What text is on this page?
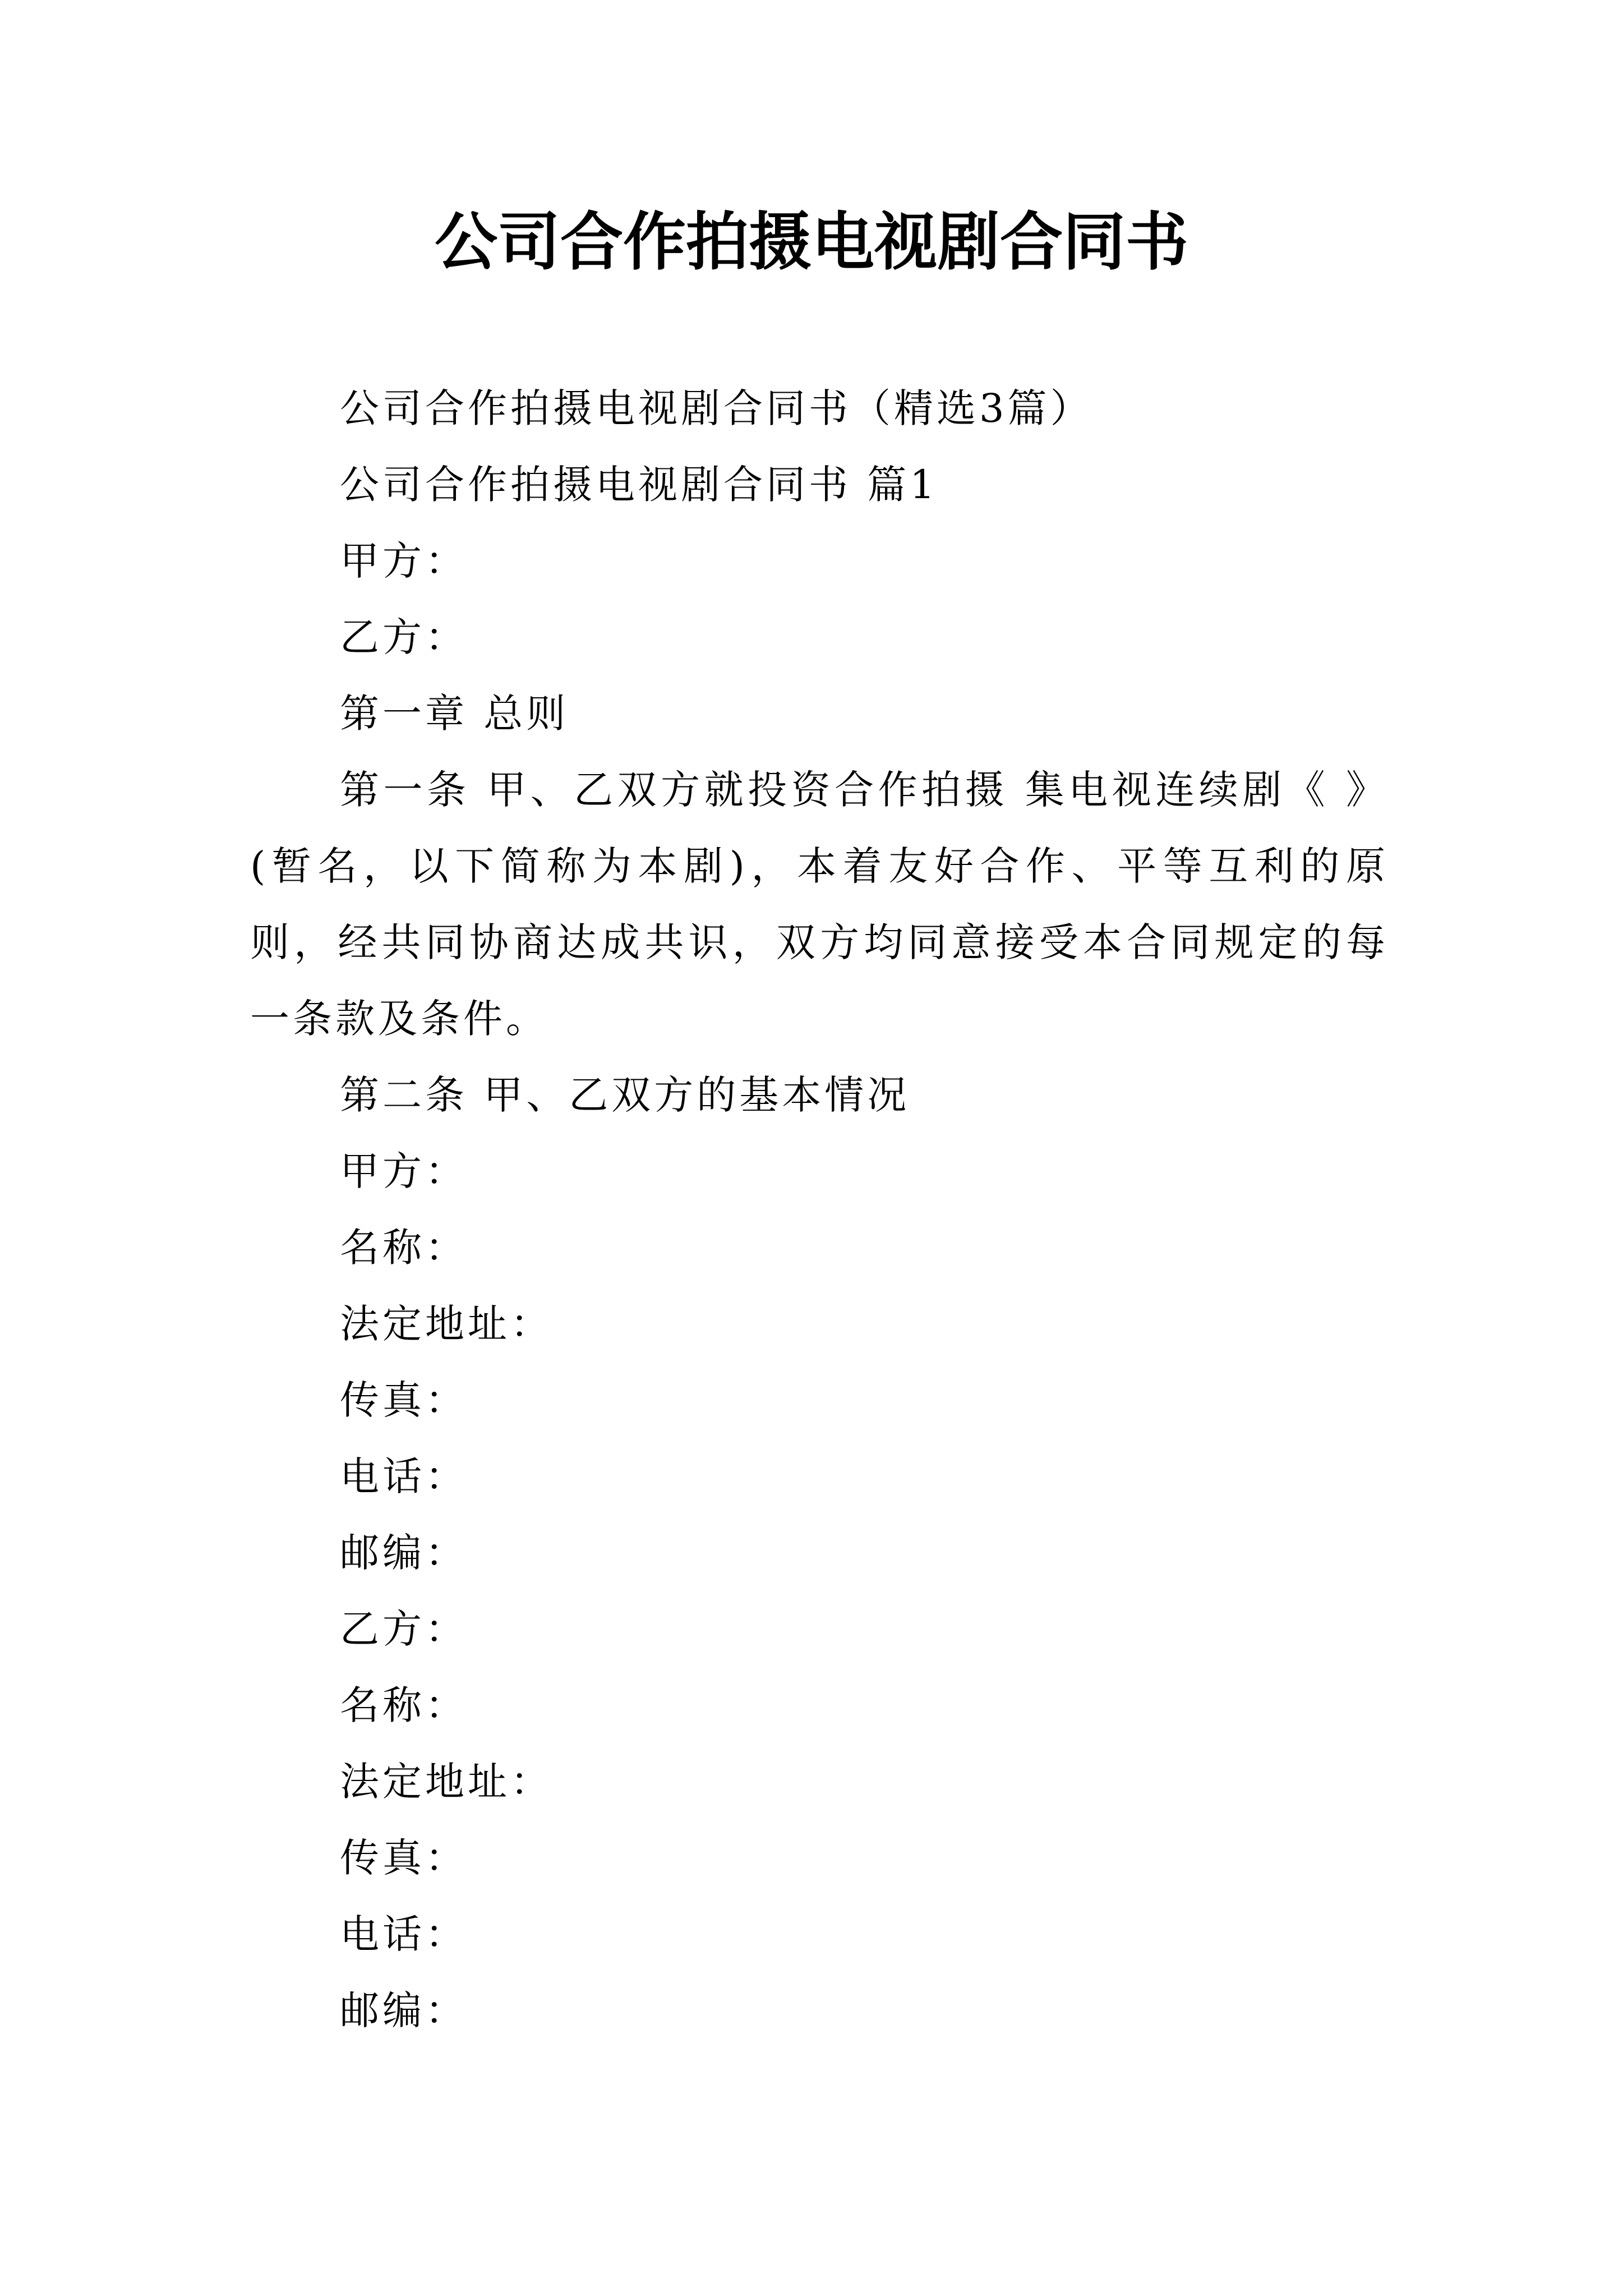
公司合作拍摄电视剧合同书

公司合作拍摄电视剧合同书（精选3篇）

公司合作拍摄电视剧合同书 篇1

甲方：

乙方：

第一章 总则

第一条 甲、乙双方就投资合作拍摄 集电视连续剧《 》(暂名，以下简称为本剧)，本着友好合作、平等互利的原则，经共同协商达成共识，双方均同意接受本合同规定的每一条款及条件。

第二条 甲、乙双方的基本情况

甲方：

名称：

法定地址：

传真：

电话：

邮编：

乙方：

名称：

法定地址：

传真：

电话：

邮编：
